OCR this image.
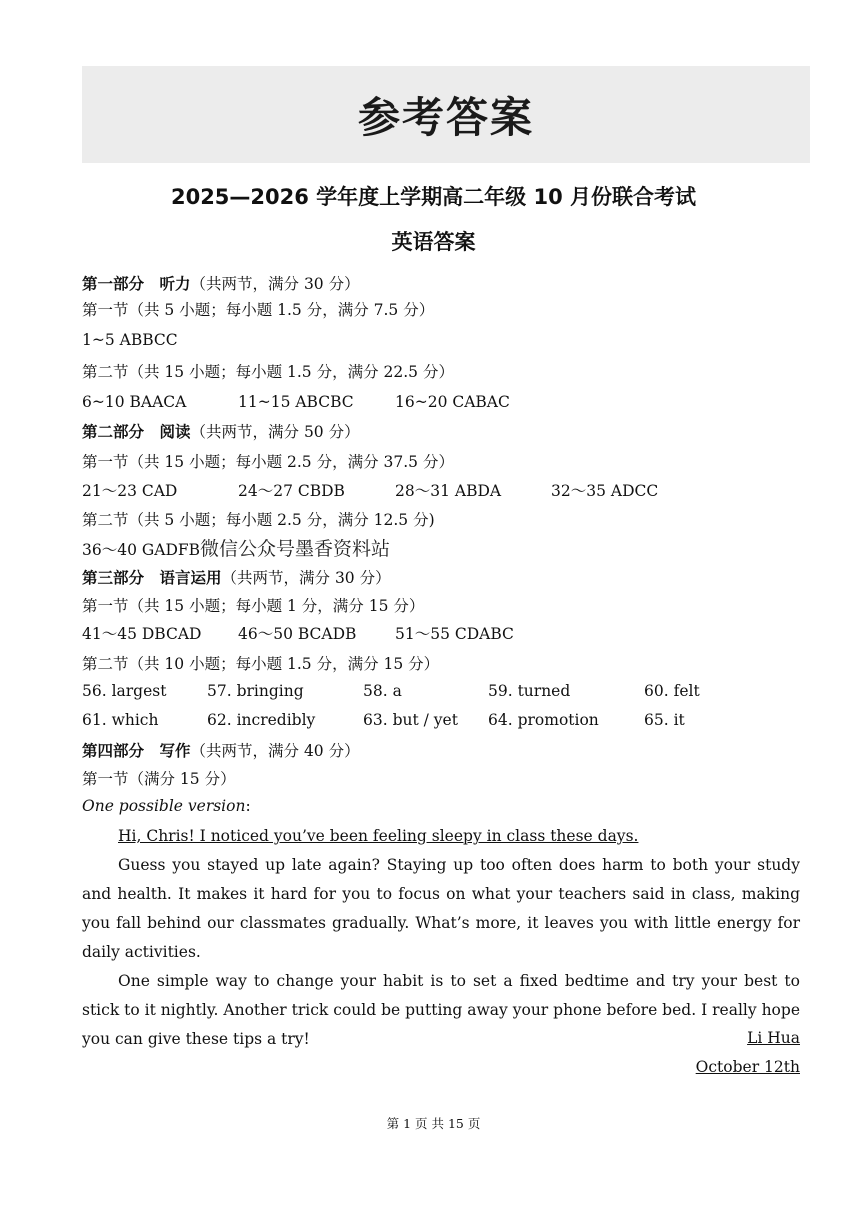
参考答案
2025—2026 学年度上学期高二年级 10 月份联合考试
英语答案
第一部分　听力（共两节，满分 30 分）
第一节（共 5 小题；每小题 1.5 分，满分 7.5 分）
1~5 ABBCC
第二节（共 15 小题；每小题 1.5 分，满分 22.5 分）
6~10 BAACA	11~15 ABCBC	16~20 CABAC
第二部分　阅读（共两节，满分 50 分）
第一节（共 15 小题；每小题 2.5 分，满分 37.5 分）
21～23 CAD	24～27 CBDB	28～31 ABDA	32～35 ADCC
第二节（共 5 小题；每小题 2.5 分，满分 12.5 分)
36～40 GADFB微信公众号墨香资料站
第三部分　语言运用（共两节，满分 30 分）
第一节（共 15 小题；每小题 1 分，满分 15 分）
41～45 DBCAD 46～50 BCADB 51～55 CDABC
第二节（共 10 小题；每小题 1.5 分，满分 15 分）
56. largest	57. bringing	58. a	59. turned	60. felt
61. which	62. incredibly	63. but / yet 64. promotion	65. it
第四部分　写作（共两节，满分 40 分）
第一节（满分 15 分）
One possible version:

Hi, Chris! I noticed you’ve been feeling sleepy in class these days.

Guess you stayed up late again? Staying up too often does harm to both your study and health. It makes it hard for you to focus on what your teachers said in class, making you fall behind our classmates gradually. What’s more, it leaves you with little energy for daily activities.

One simple way to change your habit is to set a fixed bedtime and try your best to stick to it nightly. Another trick could be putting away your phone before bed. I really hope you can give these tips a try!	Li Hua
October 12th
第 1 页 共 15 页
